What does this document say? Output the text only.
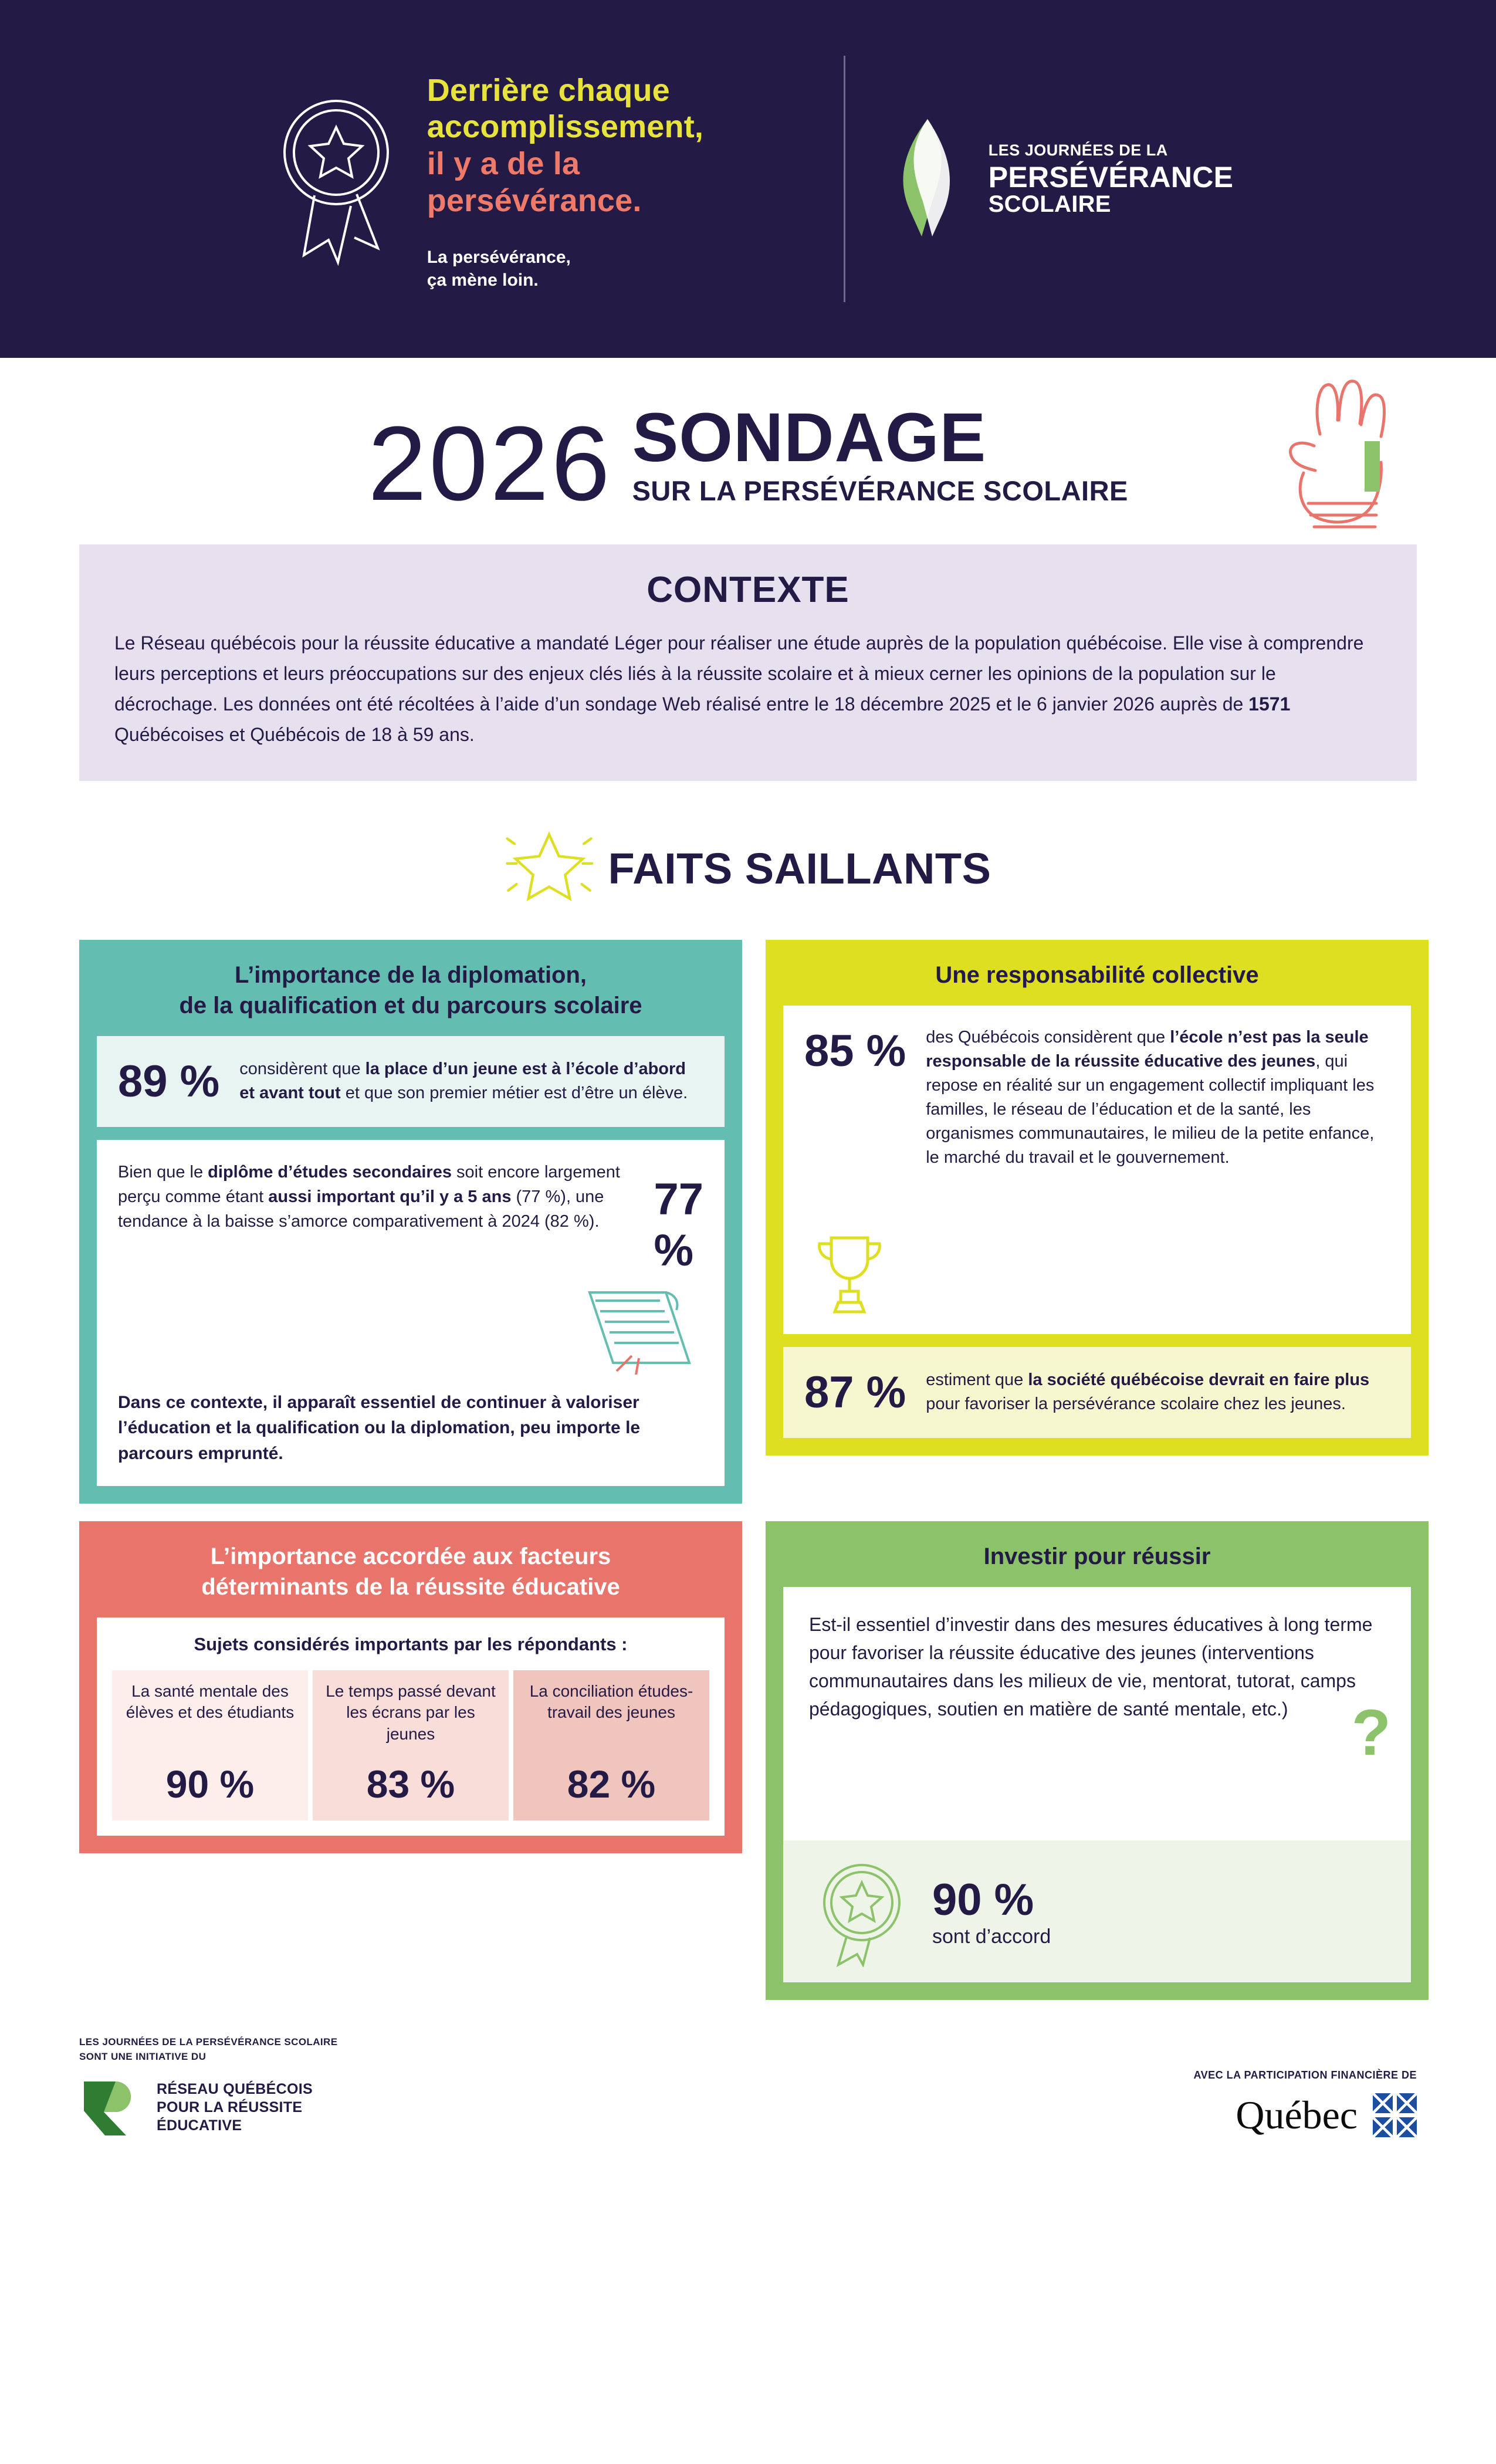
Derrière chaque
accomplissement,
il y a de la
persévérance.
La persévérance,
ça mène loin.
LES JOURNÉES DE LA
PERSÉVÉRANCE
SCOLAIRE
2026 SONDAGE
SUR LA PERSÉVÉRANCE SCOLAIRE
CONTEXTE

Le Réseau québécois pour la réussite éducative a mandaté Léger pour réaliser une étude auprès de la population québécoise. Elle vise à comprendre leurs perceptions et leurs préoccupations sur des enjeux clés liés à la réussite scolaire et à mieux cerner les opinions de la population sur le décrochage. Les données ont été récoltées à l’aide d’un sondage Web réalisé entre le 18 décembre 2025 et le 6 janvier 2026 auprès de 1571 Québécoises et Québécois de 18 à 59 ans.

FAITS SAILLANTS
L’importance de la diplomation,
de la qualification et du parcours scolaire
89 % considèrent que la place d’un jeune est à l’école d’abord et avant tout et que son premier métier est d’être un élève.
Bien que le diplôme d’études secondaires soit encore largement perçu comme étant aussi important qu’il y a 5 ans (77 %), une tendance à la baisse s’amorce comparativement à 2024 (82 %).	77 %

Dans ce contexte, il apparaît essentiel de continuer à valoriser l’éducation et la qualification ou la diplomation, peu importe le parcours emprunté.

Une responsabilité collective
85 % des Québécois considèrent que l’école n’est pas la seule responsable de la réussite éducative des jeunes, qui repose en réalité sur un engagement collectif impliquant les familles, le réseau de l’éducation et de la santé, les organismes communautaires, le milieu de la petite enfance, le marché du travail et le gouvernement.
87 % estiment que la société québécoise devrait en faire plus pour favoriser la persévérance scolaire chez les jeunes.
L’importance accordée aux facteurs
déterminants de la réussite éducative
Sujets considérés importants par les répondants :
La santé mentale des élèves et des étudiants
90 %
Le temps passé devant les écrans par les jeunes
83 %
La conciliation études-travail des jeunes
82 %
Investir pour réussir

Est-il essentiel d’investir dans des mesures éducatives à long terme pour favoriser la réussite éducative des jeunes (interventions communautaires dans les milieux de vie, mentorat, tutorat, camps pédagogiques, soutien en matière de santé mentale, etc.) ?
90 %
sont d’accord
LES JOURNÉES DE LA PERSÉVÉRANCE SCOLAIRE
SONT UNE INITIATIVE DU
RÉSEAU QUÉBÉCOIS
POUR LA RÉUSSITE
ÉDUCATIVE
AVEC LA PARTICIPATION FINANCIÈRE DE
Québec
